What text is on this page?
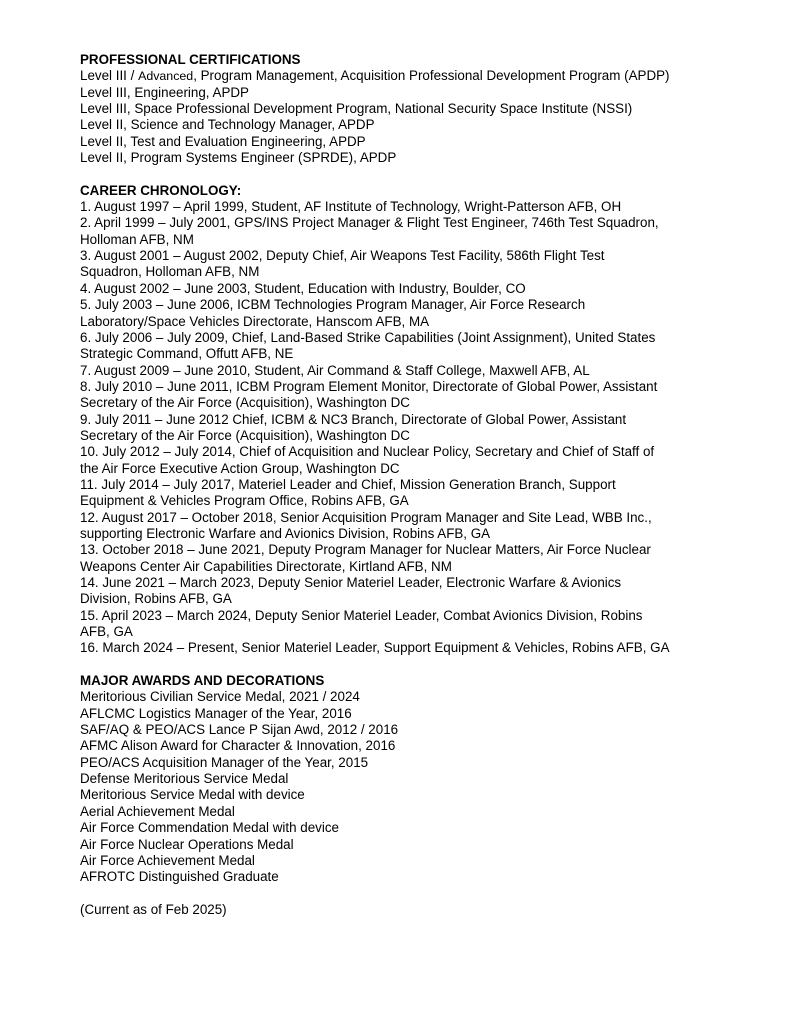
PROFESSIONAL CERTIFICATIONS

Level III / Advanced, Program Management, Acquisition Professional Development Program (APDP)

Level III, Engineering, APDP

Level III, Space Professional Development Program, National Security Space Institute (NSSI)

Level II, Science and Technology Manager, APDP

Level II, Test and Evaluation Engineering, APDP

Level II, Program Systems Engineer (SPRDE), APDP

CAREER CHRONOLOGY:

1. August 1997 – April 1999, Student, AF Institute of Technology, Wright-Patterson AFB, OH

2. April 1999 – July 2001, GPS/INS Project Manager & Flight Test Engineer, 746th Test Squadron,

Holloman AFB, NM

3. August 2001 – August 2002, Deputy Chief, Air Weapons Test Facility, 586th Flight Test

Squadron, Holloman AFB, NM

4. August 2002 – June 2003, Student, Education with Industry, Boulder, CO

5. July 2003 – June 2006, ICBM Technologies Program Manager, Air Force Research

Laboratory/Space Vehicles Directorate, Hanscom AFB, MA

6. July 2006 – July 2009, Chief, Land-Based Strike Capabilities (Joint Assignment), United States

Strategic Command, Offutt AFB, NE

7. August 2009 – June 2010, Student, Air Command & Staff College, Maxwell AFB, AL

8. July 2010 – June 2011, ICBM Program Element Monitor, Directorate of Global Power, Assistant

Secretary of the Air Force (Acquisition), Washington DC

9. July 2011 – June 2012 Chief, ICBM & NC3 Branch, Directorate of Global Power, Assistant

Secretary of the Air Force (Acquisition), Washington DC

10. July 2012 – July 2014, Chief of Acquisition and Nuclear Policy, Secretary and Chief of Staff of

the Air Force Executive Action Group, Washington DC

11. July 2014 – July 2017, Materiel Leader and Chief, Mission Generation Branch, Support

Equipment & Vehicles Program Office, Robins AFB, GA

12. August 2017 – October 2018, Senior Acquisition Program Manager and Site Lead, WBB Inc.,

supporting Electronic Warfare and Avionics Division, Robins AFB, GA

13. October 2018 – June 2021, Deputy Program Manager for Nuclear Matters, Air Force Nuclear

Weapons Center Air Capabilities Directorate, Kirtland AFB, NM

14. June 2021 – March 2023, Deputy Senior Materiel Leader, Electronic Warfare & Avionics

Division, Robins AFB, GA

15. April 2023 – March 2024, Deputy Senior Materiel Leader, Combat Avionics Division, Robins

AFB, GA

16. March 2024 – Present, Senior Materiel Leader, Support Equipment & Vehicles, Robins AFB, GA

MAJOR AWARDS AND DECORATIONS

Meritorious Civilian Service Medal, 2021 / 2024

AFLCMC Logistics Manager of the Year, 2016

SAF/AQ & PEO/ACS Lance P Sijan Awd, 2012 / 2016

AFMC Alison Award for Character & Innovation, 2016

PEO/ACS Acquisition Manager of the Year, 2015

Defense Meritorious Service Medal

Meritorious Service Medal with device

Aerial Achievement Medal

Air Force Commendation Medal with device

Air Force Nuclear Operations Medal

Air Force Achievement Medal

AFROTC Distinguished Graduate

(Current as of Feb 2025)
